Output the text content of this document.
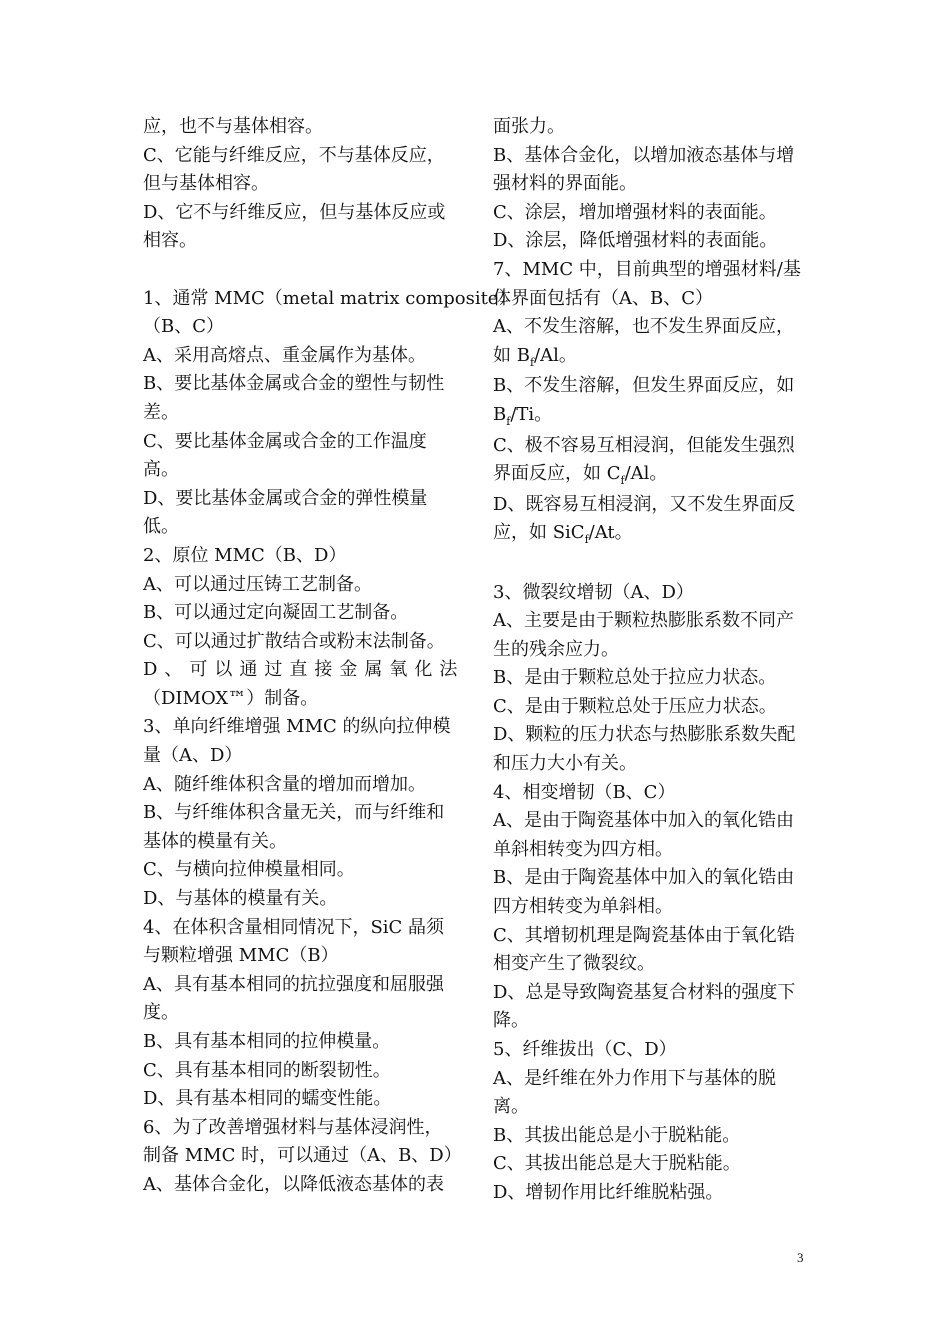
应，也不与基体相容。
C、它能与纤维反应，不与基体反应，
但与基体相容。
D、它不与纤维反应，但与基体反应或
相容。
1、通常 MMC（metal matrix composite）
（B、C）
A、采用高熔点、重金属作为基体。
B、要比基体金属或合金的塑性与韧性
差。
C、要比基体金属或合金的工作温度
高。
D、要比基体金属或合金的弹性模量
低。
2、原位 MMC（B、D）
A、可以通过压铸工艺制备。
B、可以通过定向凝固工艺制备。
C、可以通过扩散结合或粉末法制备。
D、可以通过直接金属氧化法
（DIMOX™）制备。
3、单向纤维增强 MMC 的纵向拉伸模
量（A、D）
A、随纤维体积含量的增加而增加。
B、与纤维体积含量无关，而与纤维和
基体的模量有关。
C、与横向拉伸模量相同。
D、与基体的模量有关。
4、在体积含量相同情况下，SiC 晶须
与颗粒增强 MMC（B）
A、具有基本相同的抗拉强度和屈服强
度。
B、具有基本相同的拉伸模量。
C、具有基本相同的断裂韧性。
D、具有基本相同的蠕变性能。
6、为了改善增强材料与基体浸润性，
制备 MMC 时，可以通过（A、B、D）
A、基体合金化，以降低液态基体的表
面张力。
B、基体合金化，以增加液态基体与增
强材料的界面能。
C、涂层，增加增强材料的表面能。
D、涂层，降低增强材料的表面能。
7、MMC 中，目前典型的增强材料/基
体界面包括有（A、B、C）
A、不发生溶解，也不发生界面反应，
如 $B_f/Al$。
B、不发生溶解，但发生界面反应，如
$B_f/Ti$。
C、极不容易互相浸润，但能发生强烈
界面反应，如 $C_f/Al$。
D、既容易互相浸润，又不发生界面反
应，如 SiC$_f$/At。
3、微裂纹增韧（A、D）
A、主要是由于颗粒热膨胀系数不同产
生的残余应力。
B、是由于颗粒总处于拉应力状态。
C、是由于颗粒总处于压应力状态。
D、颗粒的压力状态与热膨胀系数失配
和压力大小有关。
4、相变增韧（B、C）
A、是由于陶瓷基体中加入的氧化锆由
单斜相转变为四方相。
B、是由于陶瓷基体中加入的氧化锆由
四方相转变为单斜相。
C、其增韧机理是陶瓷基体由于氧化锆
相变产生了微裂纹。
D、总是导致陶瓷基复合材料的强度下
降。
5、纤维拔出（C、D）
A、是纤维在外力作用下与基体的脱
离。
B、其拔出能总是小于脱粘能。
C、其拔出能总是大于脱粘能。
D、增韧作用比纤维脱粘强。
3
